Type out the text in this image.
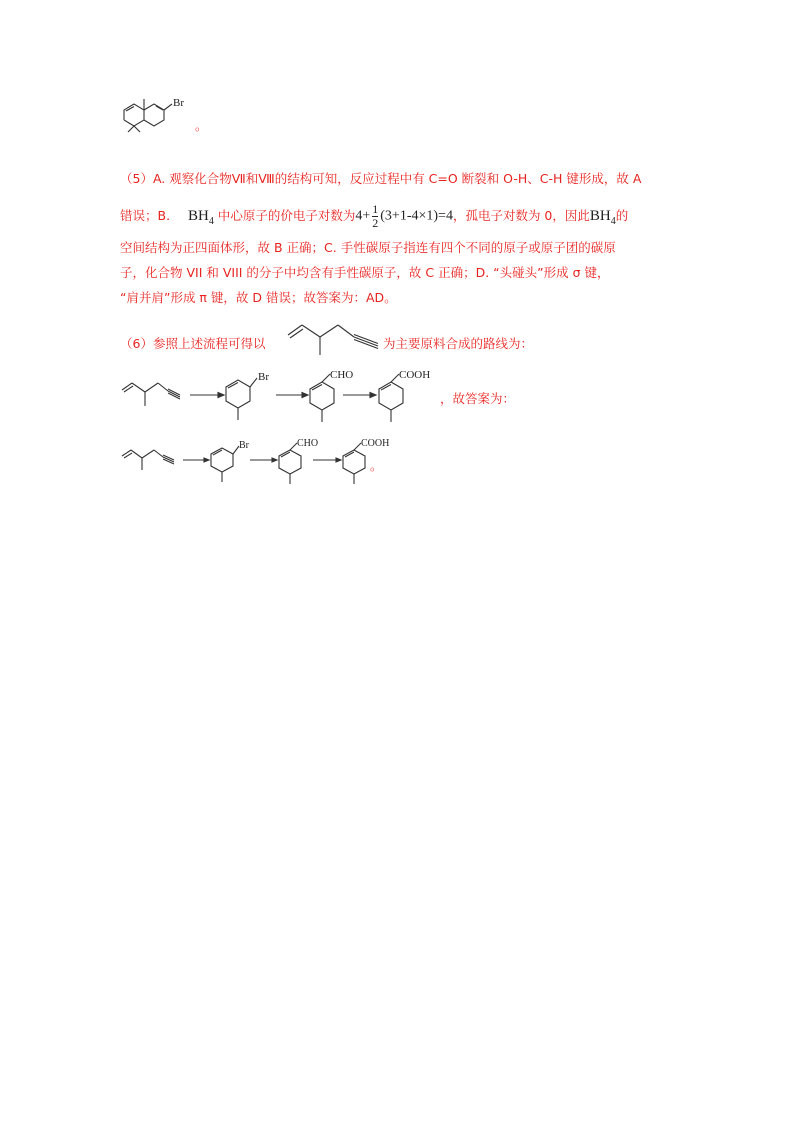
Br
。
（5）A. 观察化合物Ⅶ和Ⅷ的结构可知，反应过程中有 C=O 断裂和 O-H、C-H 键形成，故 A
错误；B. $BH_4$ 中心原子的价电子对数为$4+ \frac{1}{2} (3+1-4\times 1)=4$，孤电子对数为 0，因此$BH_4$的
空间结构为正四面体形，故 B 正确；C. 手性碳原子指连有四个不同的原子或原子团的碳原
子，化合物 VII 和 VIII 的分子中均含有手性碳原子，故 C 正确；D. “头碰头”形成 σ 键，
“肩并肩”形成 π 键，故 D 错误；故答案为：AD。
（6）参照上述流程可得以	为主要原料合成的路线为：
Br	CHO	COOH
，故答案为：
Br	CHO	COOH
。
